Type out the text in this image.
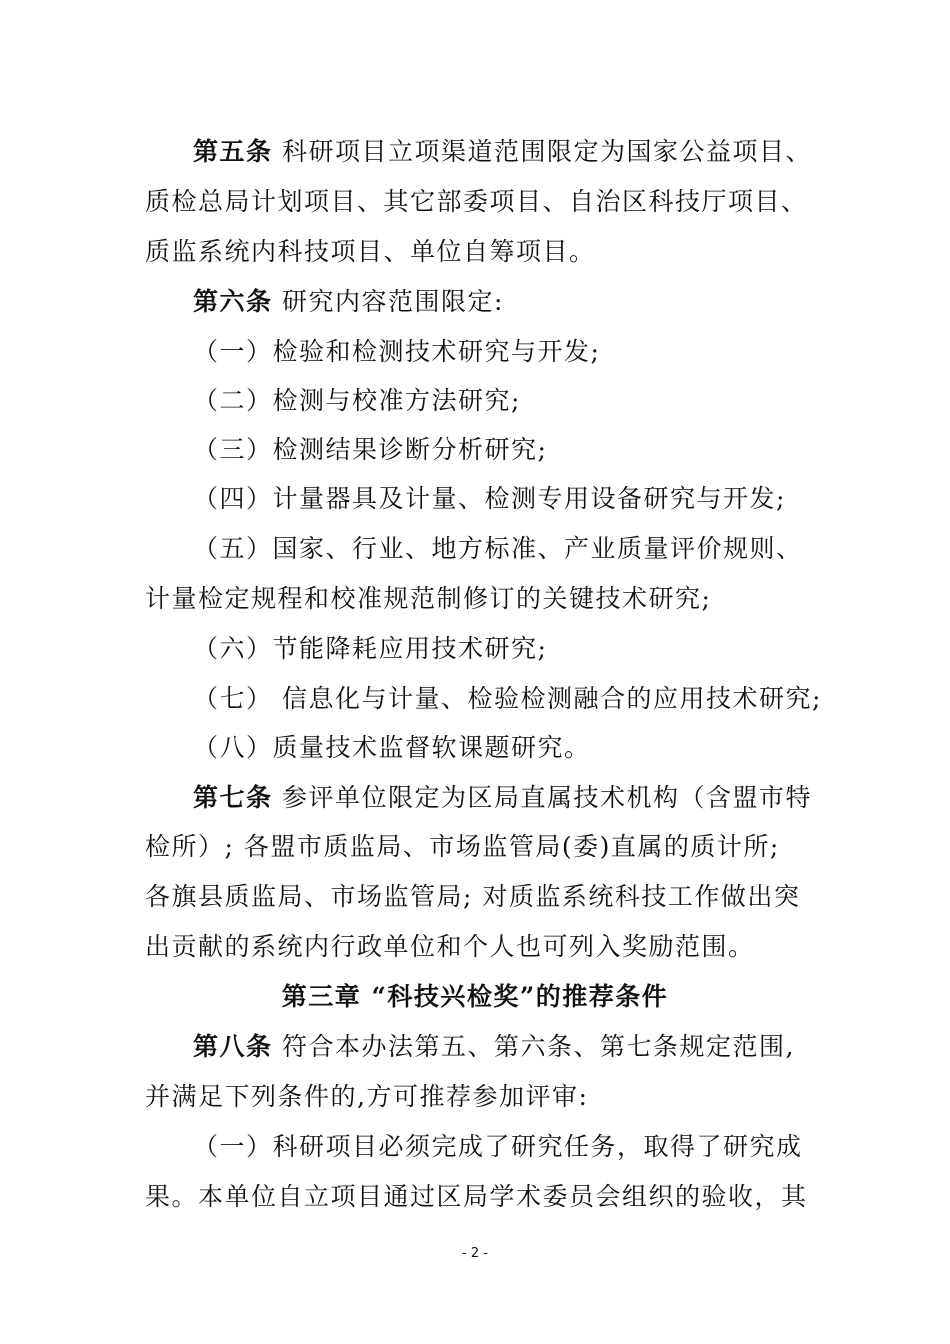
第五条 科研项目立项渠道范围限定为国家公益项目、
质检总局计划项目、其它部委项目、自治区科技厅项目、
质监系统内科技项目、单位自筹项目。
第六条 研究内容范围限定:
（一）检验和检测技术研究与开发;
（二）检测与校准方法研究;
（三）检测结果诊断分析研究;
（四）计量器具及计量、检测专用设备研究与开发;
（五）国家、行业、地方标准、产业质量评价规则、
计量检定规程和校准规范制修订的关键技术研究;
（六）节能降耗应用技术研究;
（七） 信息化与计量、检验检测融合的应用技术研究;
（八）质量技术监督软课题研究。
第七条 参评单位限定为区局直属技术机构（含盟市特
检所）; 各盟市质监局、市场监管局(委)直属的质计所;
各旗县质监局、市场监管局; 对质监系统科技工作做出突
出贡献的系统内行政单位和个人也可列入奖励范围。
第三章 “科技兴检奖”的推荐条件
第八条 符合本办法第五、第六条、第七条规定范围,
并满足下列条件的,方可推荐参加评审:
（一）科研项目必须完成了研究任务，取得了研究成
果。本单位自立项目通过区局学术委员会组织的验收，其
- 2 -
